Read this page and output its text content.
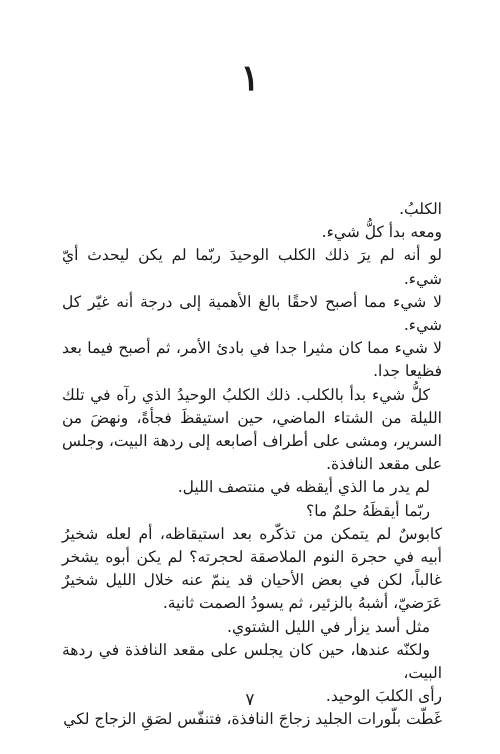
١

الكلبُ.

ومعه بدأ كلُّ شيء.

لو أنه لم يرَ ذلك الكلب الوحيدَ ربّما لم يكن ليحدث أيّ شيء.

لا شيء مما أصبح لاحقًا بالغ الأهمية إلى درجة أنه غيّر كل شيء.

لا شيء مما كان مثيرا جدا في بادئ الأمر، ثم أصبح فيما بعد فظيعا جدا.

كلُّ شيء بدأ بالكلب. ذلك الكلبُ الوحيدُ الذي رآه في تلك الليلة من الشتاء الماضي، حين استيقظَ فجأةً، ونهضَ من السرير، ومشى على أطراف أصابعه إلى ردهة البيت، وجلس على مقعد النافذة.

لم يدر ما الذي أيقظه في منتصف الليل.

ربّما أيقظَهُ حلمٌ ما؟

كابوسٌ لم يتمكن من تذكّره بعد استيقاظه، أم لعله شخيرُ أبيه في حجرة النوم الملاصقة لحجرته؟ لم يكن أبوه يشخر غالباً، لكن في بعض الأحيان قد ينمّ عنه خلال الليل شخيرٌ عَرَضيّ، أشبهُ بالزئير، ثم يسودُ الصمت ثانية.

مثل أسد يزأر في الليل الشتوي.

ولكنّه عندها، حين كان يجلس على مقعد النافذة في ردهة البيت،

رأى الكلبَ الوحيد.

غَطّت بلّورات الجليد زجاجَ النافذة، فتنفّس لصَقِ الزجاج لكي

٧
